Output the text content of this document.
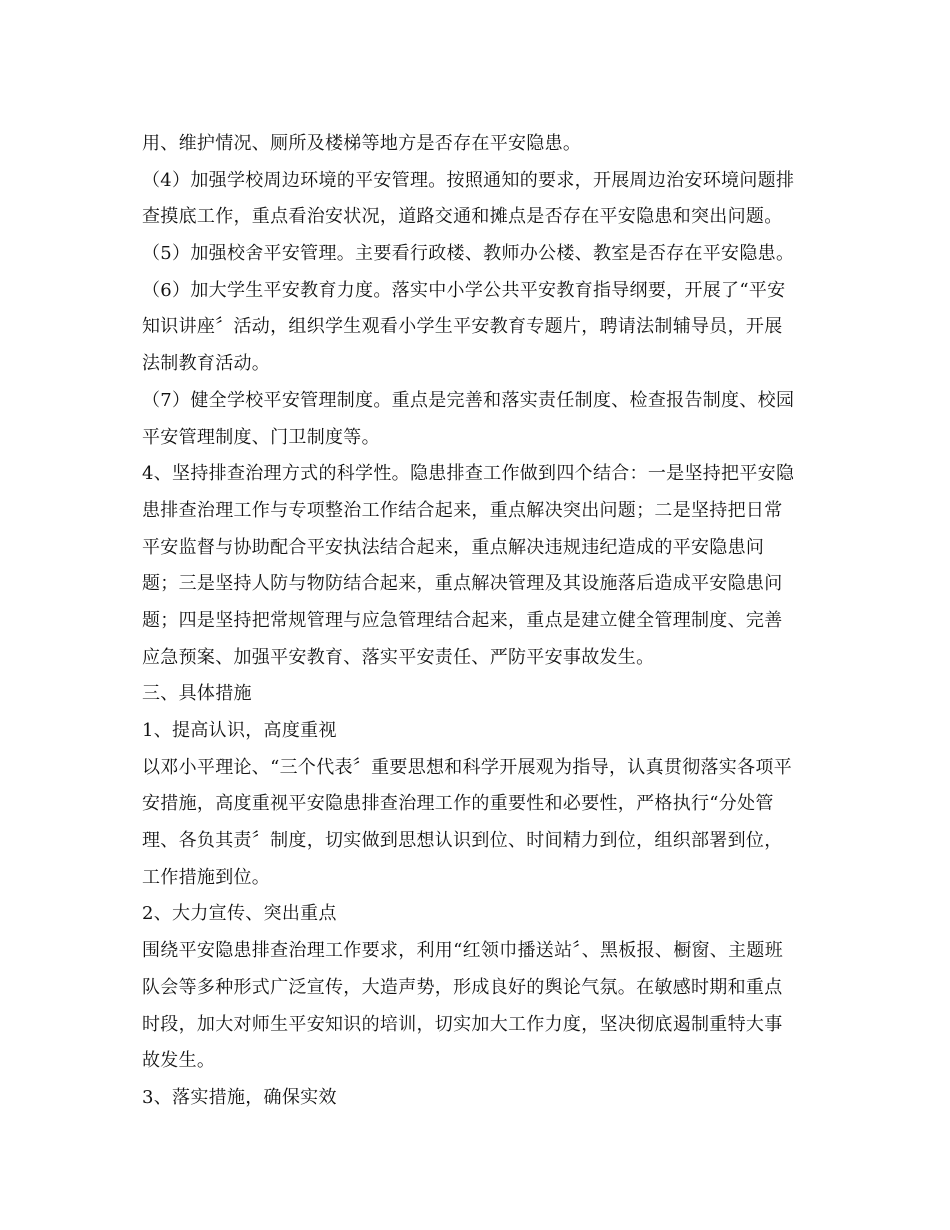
用、维护情况、厕所及楼梯等地方是否存在平安隐患。
（4）加强学校周边环境的平安管理。按照通知的要求，开展周边治安环境问题排
查摸底工作，重点看治安状况，道路交通和摊点是否存在平安隐患和突出问题。
（5）加强校舍平安管理。主要看行政楼、教师办公楼、教室是否存在平安隐患。
（6）加大学生平安教育力度。落实中小学公共平安教育指导纲要，开展了“平安
知识讲座〞活动，组织学生观看小学生平安教育专题片，聘请法制辅导员，开展
法制教育活动。
（7）健全学校平安管理制度。重点是完善和落实责任制度、检查报告制度、校园
平安管理制度、门卫制度等。
4、坚持排查治理方式的科学性。隐患排查工作做到四个结合：一是坚持把平安隐
患排查治理工作与专项整治工作结合起来，重点解决突出问题；二是坚持把日常
平安监督与协助配合平安执法结合起来，重点解决违规违纪造成的平安隐患问
题；三是坚持人防与物防结合起来，重点解决管理及其设施落后造成平安隐患问
题；四是坚持把常规管理与应急管理结合起来，重点是建立健全管理制度、完善
应急预案、加强平安教育、落实平安责任、严防平安事故发生。
三、具体措施
1、提高认识，高度重视
以邓小平理论、“三个代表〞重要思想和科学开展观为指导，认真贯彻落实各项平
安措施，高度重视平安隐患排查治理工作的重要性和必要性，严格执行“分处管
理、各负其责〞制度，切实做到思想认识到位、时间精力到位，组织部署到位，
工作措施到位。
2、大力宣传、突出重点
围绕平安隐患排查治理工作要求，利用“红领巾播送站〞、黑板报、橱窗、主题班
队会等多种形式广泛宣传，大造声势，形成良好的舆论气氛。在敏感时期和重点
时段，加大对师生平安知识的培训，切实加大工作力度，坚决彻底遏制重特大事
故发生。
3、落实措施，确保实效
